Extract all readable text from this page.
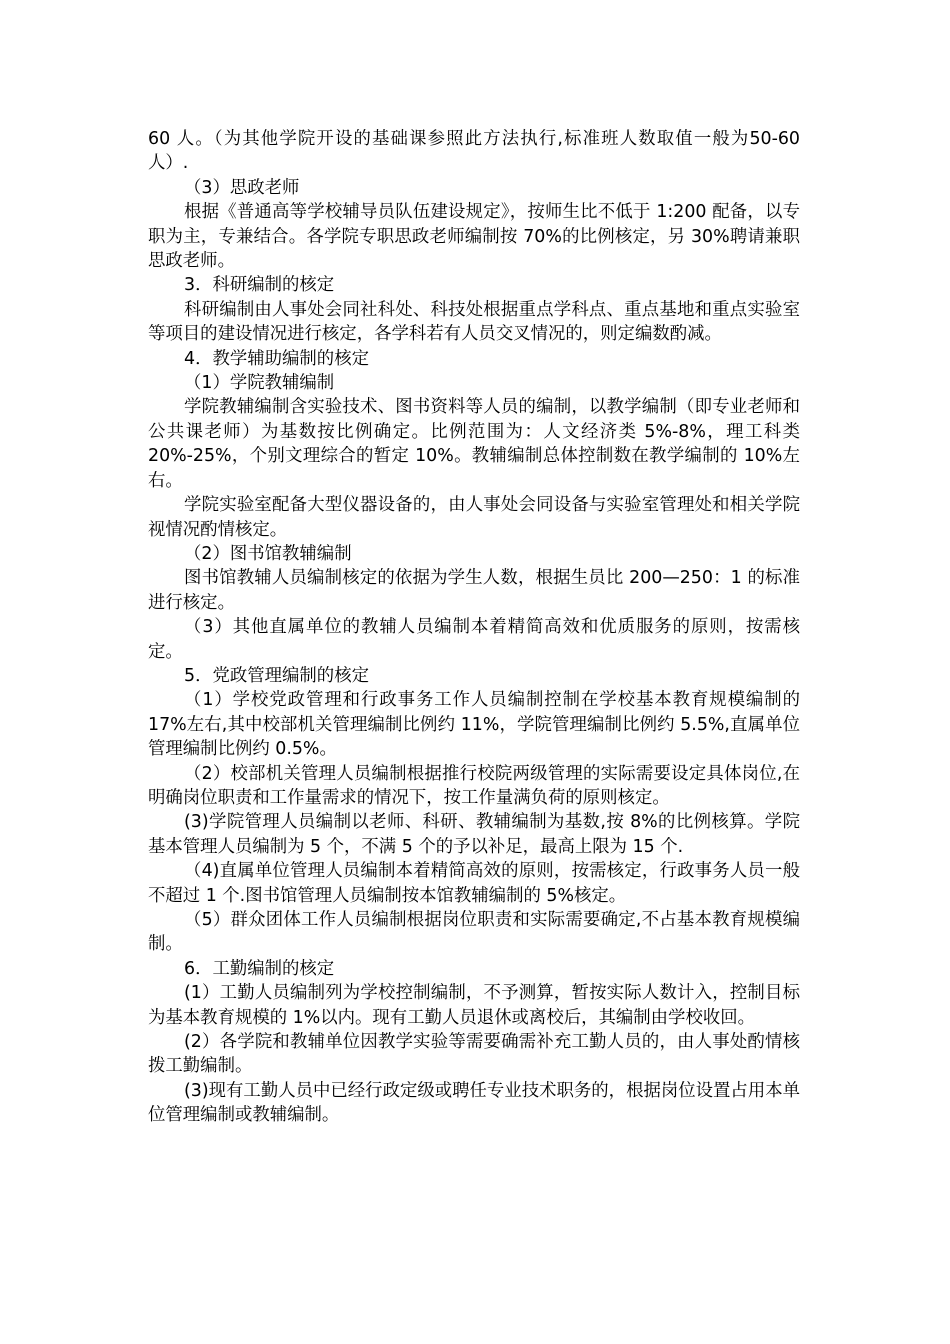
60 人。（为其他学院开设的基础课参照此方法执行,标准班人数取值一般为50-60 人）.

（3）思政老师

根据《普通高等学校辅导员队伍建设规定》，按师生比不低于 1:200 配备，以专职为主，专兼结合。各学院专职思政老师编制按 70%的比例核定，另 30%聘请兼职思政老师。

3．科研编制的核定

科研编制由人事处会同社科处、科技处根据重点学科点、重点基地和重点实验室等项目的建设情况进行核定，各学科若有人员交叉情况的，则定编数酌减。

4．教学辅助编制的核定

（1）学院教辅编制

学院教辅编制含实验技术、图书资料等人员的编制，以教学编制（即专业老师和公共课老师）为基数按比例确定。比例范围为：人文经济类 5%-8%，理工科类 20%-25%，个别文理综合的暂定 10%。教辅编制总体控制数在教学编制的 10%左右。

学院实验室配备大型仪器设备的，由人事处会同设备与实验室管理处和相关学院视情况酌情核定。

（2）图书馆教辅编制

图书馆教辅人员编制核定的依据为学生人数，根据生员比 200—250：1 的标准进行核定。

（3）其他直属单位的教辅人员编制本着精简高效和优质服务的原则，按需核定。

5．党政管理编制的核定

（1）学校党政管理和行政事务工作人员编制控制在学校基本教育规模编制的 17%左右,其中校部机关管理编制比例约 11%，学院管理编制比例约 5.5%,直属单位管理编制比例约 0.5%。

（2）校部机关管理人员编制根据推行校院两级管理的实际需要设定具体岗位,在明确岗位职责和工作量需求的情况下，按工作量满负荷的原则核定。

(3)学院管理人员编制以老师、科研、教辅编制为基数,按 8%的比例核算。学院基本管理人员编制为 5 个，不满 5 个的予以补足，最高上限为 15 个.

（4)直属单位管理人员编制本着精简高效的原则，按需核定，行政事务人员一般不超过 1 个.图书馆管理人员编制按本馆教辅编制的 5%核定。

（5）群众团体工作人员编制根据岗位职责和实际需要确定,不占基本教育规模编制。

6．工勤编制的核定

(1）工勤人员编制列为学校控制编制，不予测算，暂按实际人数计入，控制目标为基本教育规模的 1%以内。现有工勤人员退休或离校后，其编制由学校收回。

(2）各学院和教辅单位因教学实验等需要确需补充工勤人员的，由人事处酌情核拨工勤编制。

(3)现有工勤人员中已经行政定级或聘任专业技术职务的，根据岗位设置占用本单位管理编制或教辅编制。
